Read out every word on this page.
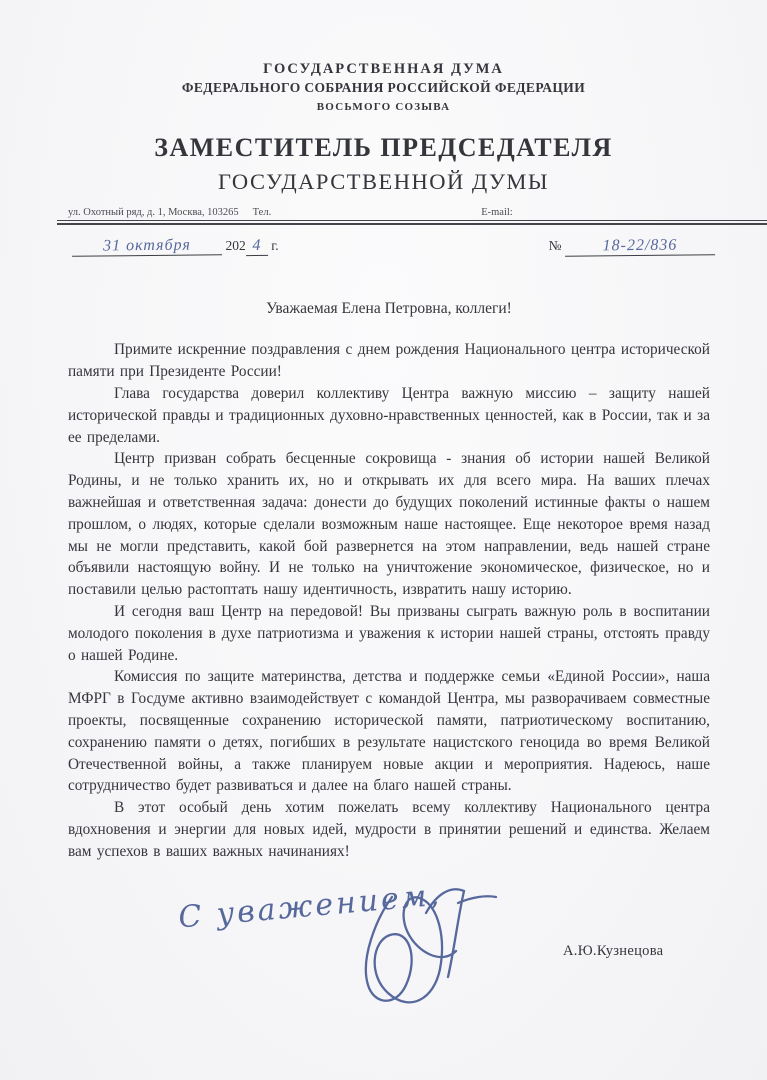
ГОСУДАРСТВЕННАЯ ДУМА
ФЕДЕРАЛЬНОГО СОБРАНИЯ РОССИЙСКОЙ ФЕДЕРАЦИИ
ВОСЬМОГО СОЗЫВА
ЗАМЕСТИТЕЛЬ ПРЕДСЕДАТЕЛЯ
ГОСУДАРСТВЕННОЙ ДУМЫ
ул. Охотный ряд, д. 1, Москва, 103265 Тел.	E-mail:
31 октября	202 4 г.	№	18-22/836
Уважаемая Елена Петровна, коллеги!

Примите искренние поздравления с днем рождения Национального центра исторической памяти при Президенте России!

Глава государства доверил коллективу Центра важную миссию – защиту нашей исторической правды и традиционных духовно-нравственных ценностей, как в России, так и за ее пределами.

Центр призван собрать бесценные сокровища - знания об истории нашей Великой Родины, и не только хранить их, но и открывать их для всего мира. На ваших плечах важнейшая и ответственная задача: донести до будущих поколений истинные факты о нашем прошлом, о людях, которые сделали возможным наше настоящее. Еще некоторое время назад мы не могли представить, какой бой развернется на этом направлении, ведь нашей стране объявили настоящую войну. И не только на уничтожение экономическое, физическое, но и поставили целью растоптать нашу идентичность, извратить нашу историю.

И сегодня ваш Центр на передовой! Вы призваны сыграть важную роль в воспитании молодого поколения в духе патриотизма и уважения к истории нашей страны, отстоять правду о нашей Родине.

Комиссия по защите материнства, детства и поддержке семьи «Единой России», наша МФРГ в Госдуме активно взаимодействует с командой Центра, мы разворачиваем совместные проекты, посвященные сохранению исторической памяти, патриотическому воспитанию, сохранению памяти о детях, погибших в результате нацистского геноцида во время Великой Отечественной войны, а также планируем новые акции и мероприятия. Надеюсь, наше сотрудничество будет развиваться и далее на благо нашей страны.

В этот особый день хотим пожелать всему коллективу Национального центра вдохновения и энергии для новых идей, мудрости в принятии решений и единства. Желаем вам успехов в ваших важных начинаниях!

С уважением,
А.Ю.Кузнецова
